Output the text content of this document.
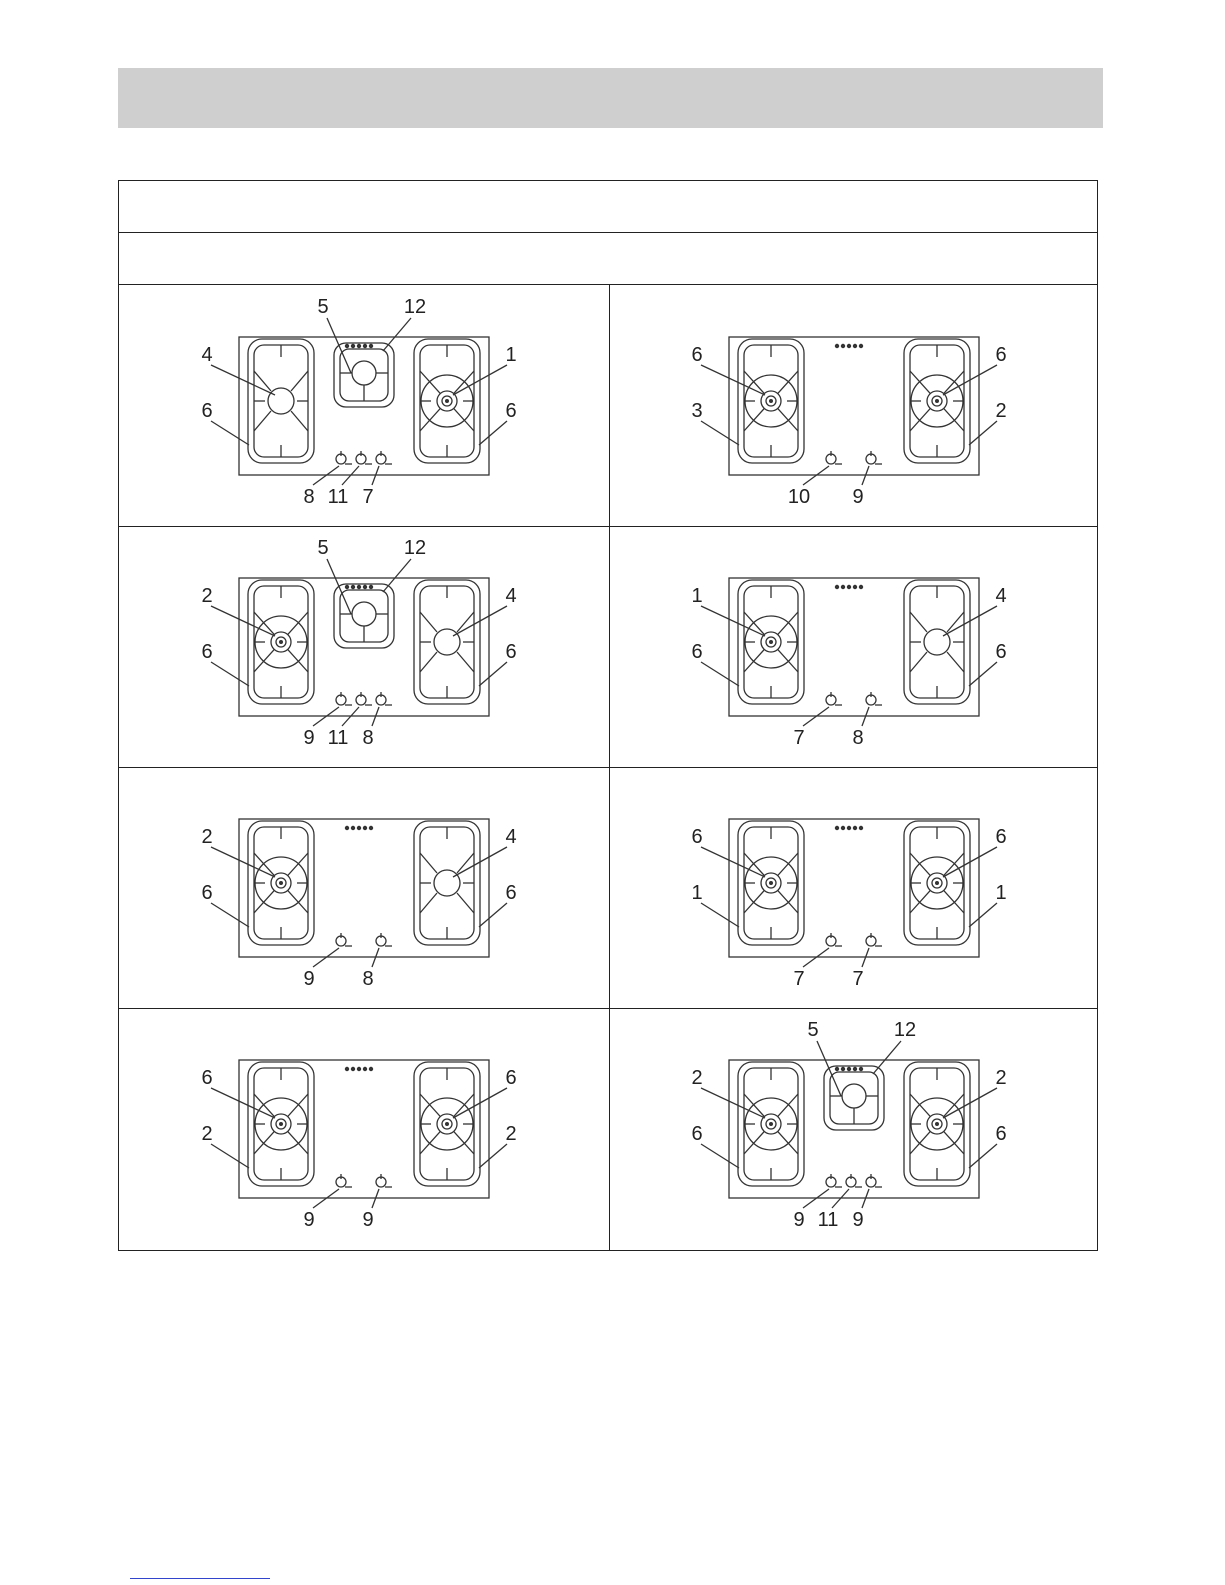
4
6
1
6
5	12
8 11 7
6
3
6
2
10 9
2
6
4
6
5	12
9 11 8
1
6
4
6
7 8
2
6
4
6
9 8
6
1
6
1
7 7
6
2
6
2
9 9
2
6
2
6
5	12
9 11 9
